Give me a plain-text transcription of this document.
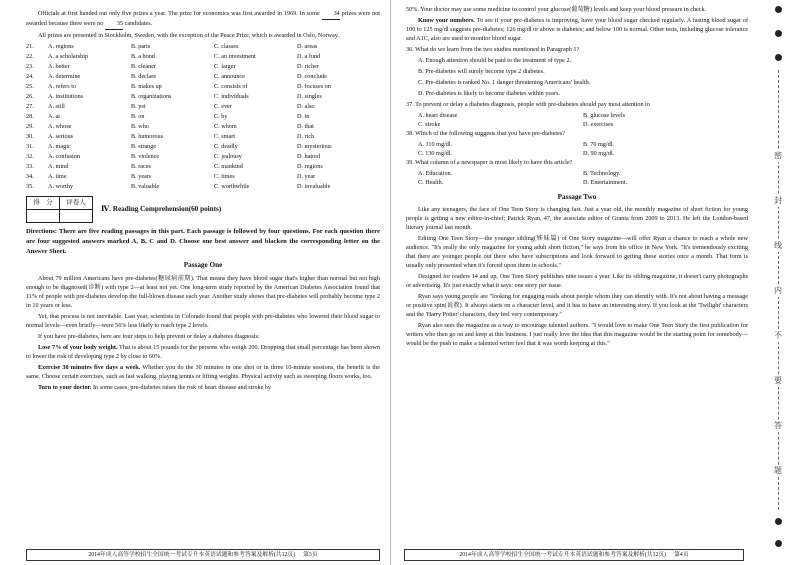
Officials at first handed out only five prizes a year. The prize for economics was first awarded in 1969. In some 34 prizes were not awarded because there were no 35 candidates.

All prizes are presented in Stockholm, Sweden, with the exception of the Peace Prize, which is awarded in Oslo, Norway.

21.	A. regions	B. parts	C. classes	D. areas
22.	A. a scholarship	B. a bond	C. an investment	D. a fund
23.	A. better	B. cleaner	C. larger	D. richer
24.	A. determine	B. declare	C. announce	D. conclude
25.	A. refers to	B. makes up	C. consists of	D. focuses on
26.	A. institutions	B. organizations	C. individuals	D. singles
27.	A. still	B. yet	C. ever	D. also
28.	A. at	B. on	C. by	D. in
29.	A. whose	B. who	C. whom	D. that
30.	A. serious	B. humorous	C. smart	D. rich
31.	A. magic	B. strange	C. deadly	D. mysterious
32.	A. confusion	B. violence	C. jealousy	D. hatred
33.	A. mind	B. races	C. mankind	D. regions
34.	A. time	B. years	C. times	D. year
35.	A. worthy	B. valuable	C. worthwhile	D. invaluable
得　分	评卷人

Ⅳ. Reading Comprehension(60 points)

Directions: There are five reading passages in this part. Each passage is followed by four questions. For each question there are four suggested answers marked A, B, C and D. Choose one best answer and blacken the corresponding letter on the Answer Sheet.

Passage One

About 79 million Americans have pre-diabetes(糖尿病前期). That means they have blood sugar that's higher than normal but not high enough to be diagnosed(诊断) with type 2—at least not yet. One long-term study reported by the American Diabetes Association found that 11% of people with pre-diabetes develop the full-blown disease each year. Another study shows that pre-diabetes will probably become type 2 in 10 years or less.

Yet, that process is not inevitable. Last year, scientists in Colorado found that people with pre-diabetes who lowered their blood sugar to normal levels—even briefly—were 56% less likely to reach type 2 levels.

If you have pre-diabetes, here are four steps to help prevent or delay a diabetes diagnosis:

Lose 7% of your body weight. That is about 15 pounds for the persons who weigh 200. Dropping that small percentage has been shown to lower the risk of developing type 2 by close to 60%.

Exercise 30 minutes five days a week. Whether you do the 30 minutes in one shot or in three 10-minute sessions, the benefit is the same. Choose certain exercises, such as fast walking, playing tennis or lifting weights. Physical activity such as sweeping floors works, too.

Turn to your doctor. In some cases, pre-diabetes raises the risk of heart disease and stroke by

2014年成人高等学校招生全国统一考试专升本英语试题和参考答案及解析(共12页) 第3页

50%. Your doctor may use some medicine to control your glucose(葡萄糖) levels and keep your blood pressure in check.

Know your numbers. To see if your pre-diabetes is improving, have your blood sugar checked regularly. A fasting blood sugar of 100 to 125 mg/dl suggests pre-diabetes; 126 mg/dl or above is diabetes; and below 100 is normal. Other tests, including glucose tolerance and A1C, also are used to monitor blood sugar.

36. What do we learn from the two studies mentioned in Paragraph 1?

A. Enough attention should be paid to the treatment of type 2.

B. Pre-diabetes will surely become type 2 diabetes.

C. Pre-diabetes is ranked No. 1 danger threatening Americans' health.

D. Pre-diabetes is likely to become diabetes within years.

37. To prevent or delay a diabetes diagnosis, people with pre-diabetes should pay most attention to

A. heart disease	B. glucose levels
C. stroke	D. exercises

38. Which of the following suggests that you have pre-diabetes?

A. 110 mg/dl.	B. 70 mg/dl.
C. 130 mg/dl.	D. 90 mg/dl.

39. What column of a newspaper is most likely to have this article?

A. Education.	B. Technology.
C. Health.	D. Entertainment.
Passage Two

Like any teenagers, the face of One Teen Story is changing fast. Just a year old, the monthly magazine of short fiction for young people is getting a new editor-in-chief; Patrick Ryan, 47, the associate editor of Granta from 2009 to 2013. He left the London-based literary journal last month.

Editing One Teen Story—the younger sibling(姊妹篇) of One Story magazine—will offer Ryan a chance to reach a whole new audience. "It's really the only magazine for young adult short fiction," he says from his office in New York. "It's tremendously exciting that there are younger people out there who have subscriptions and look forward to getting these stories once a month. That form is usually only presented when it's forced upon them in schools."

Designed for readers 14 and up, One Teen Story publishes nine issues a year. Like its sibling magazine, it doesn't carry photographs or advertising. It's just exactly what it says: one story per issue.

Ryan says young people are "looking for engaging reads about people whom they can identify with. It's not about having a message or positive spin(说教). It always starts on a character level, and it has to have an interesting story. If you look at the 'Twilight' characters and the 'Harry Potter' characters, they feel very contemporary."

Ryan also sees the magazine as a way to encourage talented authors. "I would love to make One Teen Story the first publication for writers who then go on and keep at this business. I just really love the idea that this magazine would be the starting point for somebody—would be the push to make a talented writer feel that it was worth keeping at this."

2014年成人高等学校招生全国统一考试专升本英语试题和参考答案及解析(共12页) 第4页
密
封
线
内
不
要
答
题
